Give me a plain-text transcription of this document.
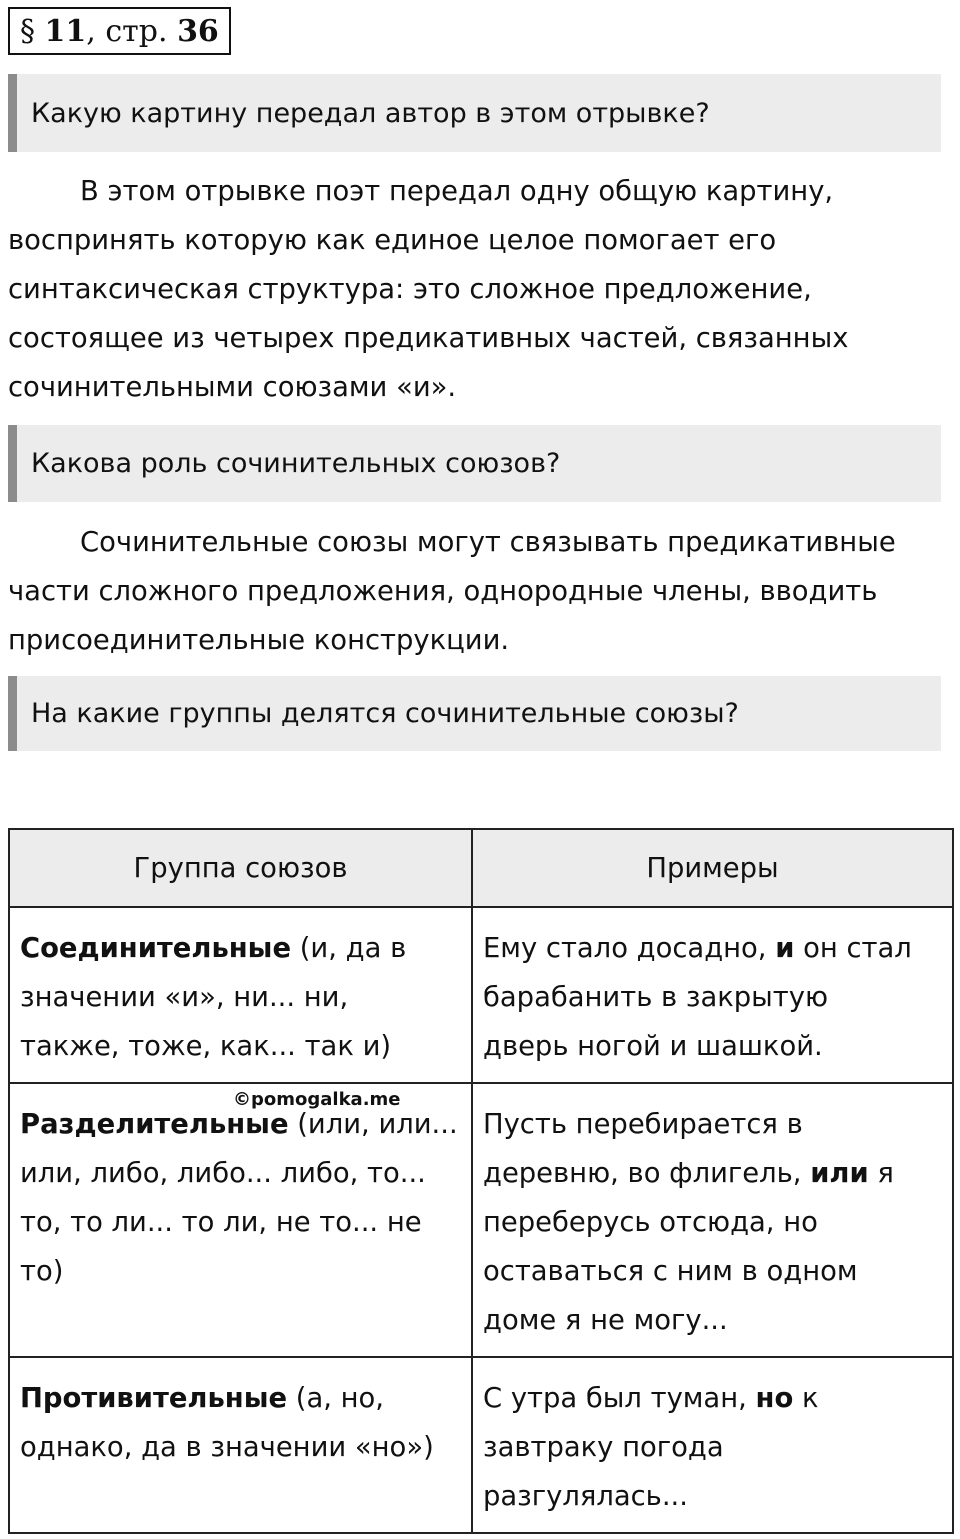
§
11 , стр.
36
Какую картину передал автор в этом отрывке?
В этом отрывке поэт передал одну общую картину,
воспринять которую как единое целое помогает его
синтаксическая структура: это сложное предложение,
состоящее из четырех предикативных частей, связанных
сочинительными союзами «и».
Какова роль сочинительных союзов?
Сочинительные союзы могут связывать предикативные
части сложного предложения, однородные члены, вводить
присоединительные конструкции.
На какие группы делятся сочинительные союзы?
Группа союзов	Примеры

Соединительные (и, да в
значении «и», ни... ни,
также, тоже, как... так и)	Ему стало досадно, и он стал
барабанить в закрытую
дверь ногой и шашкой.

Разделительные (или, или...
или, либо, либо... либо, то...
то, то ли... то ли, не то... не
то)	Пусть перебирается в
деревню, во флигель, или я
переберусь отсюда, но
оставаться с ним в одном
доме я не могу...

Противительные (а, но,
однако, да в значении «но»)	С утра был туман, но к
завтраку погода
разгулялась...
©pomogalka.me
